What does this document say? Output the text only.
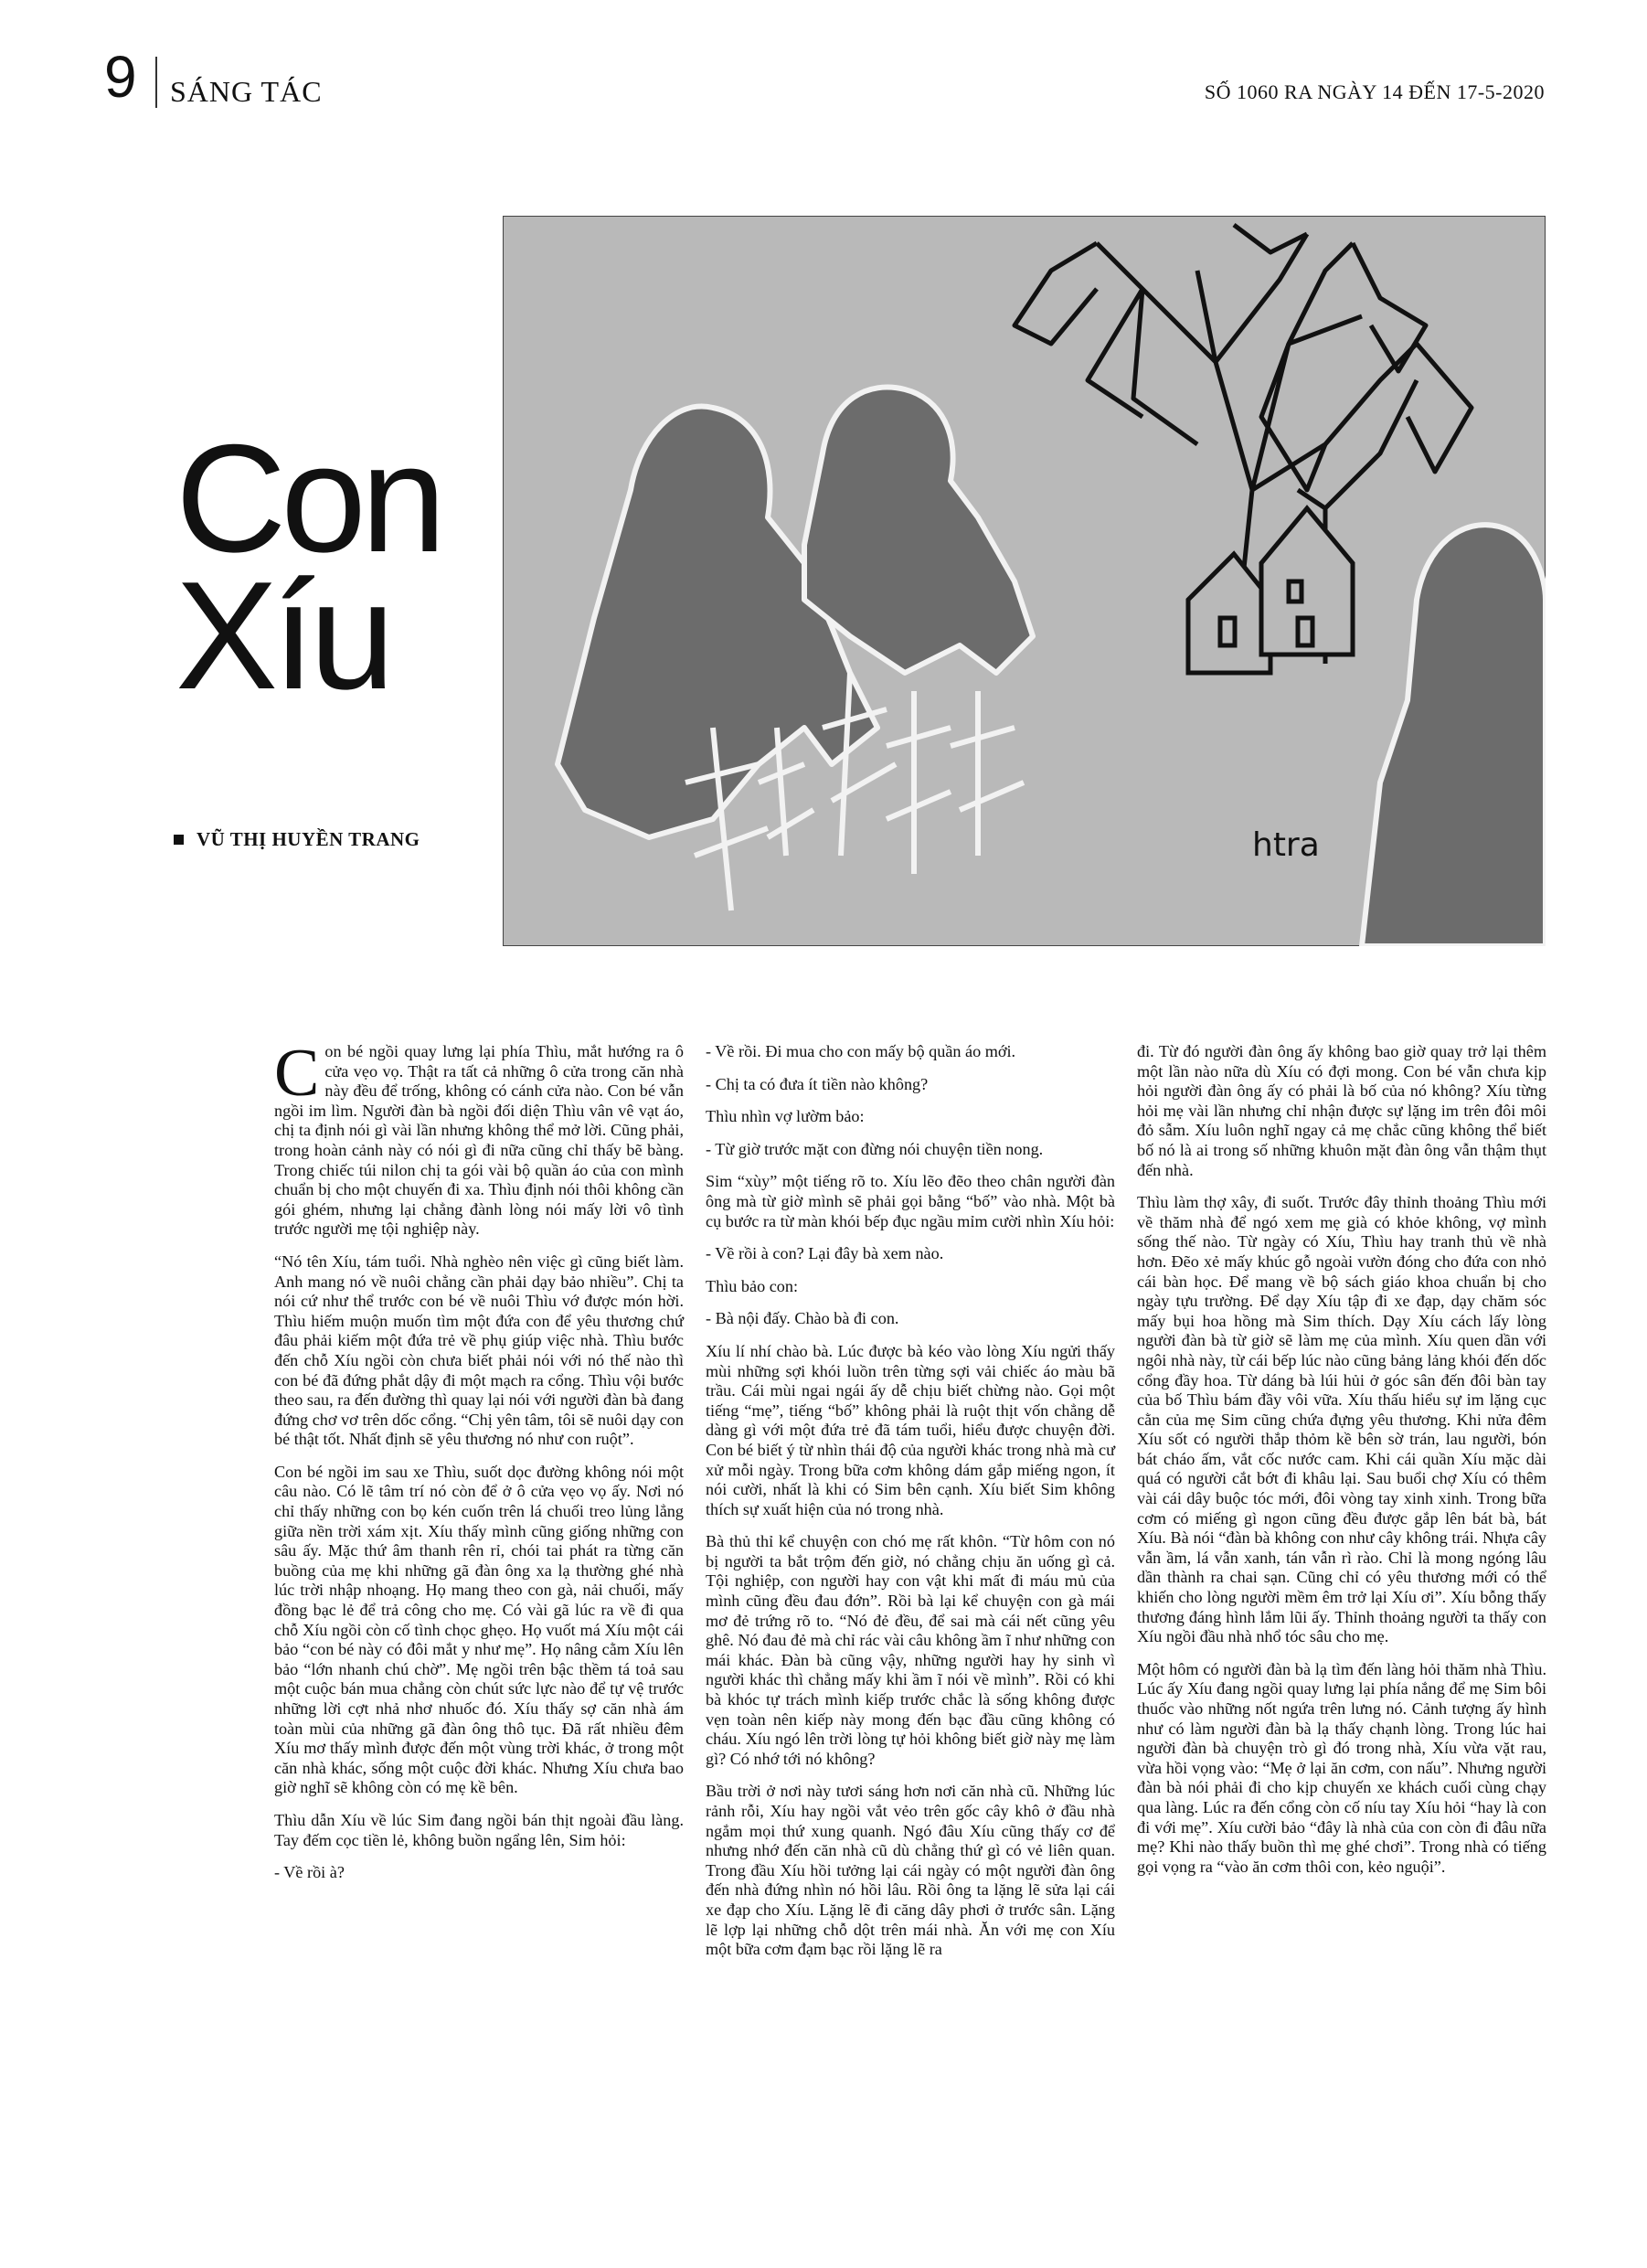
9 SÁNG TÁC	SỐ 1060 RA NGÀY 14 ĐẾN 17-5-2020
Con
Xíu
VŨ THỊ HUYỀN TRANG	htra

Con bé ngồi quay lưng lại phía Thìu, mắt hướng ra ô cửa vẹo vọ. Thật ra tất cả những ô cửa trong căn nhà này đều để trống, không có cánh cửa nào. Con bé vẫn ngồi im lìm. Người đàn bà ngồi đối diện Thìu vân vê vạt áo, chị ta định nói gì vài lần nhưng không thể mở lời. Cũng phải, trong hoàn cảnh này có nói gì đi nữa cũng chỉ thấy bẽ bàng. Trong chiếc túi nilon chị ta gói vài bộ quần áo của con mình chuẩn bị cho một chuyến đi xa. Thìu định nói thôi không cần gói ghém, nhưng lại chẳng đành lòng nói mấy lời vô tình trước người mẹ tội nghiệp này.

“Nó tên Xíu, tám tuổi. Nhà nghèo nên việc gì cũng biết làm. Anh mang nó về nuôi chẳng cần phải dạy bảo nhiều”. Chị ta nói cứ như thể trước con bé về nuôi Thìu vớ được món hời. Thìu hiếm muộn muốn tìm một đứa con để yêu thương chứ đâu phải kiếm một đứa trẻ về phụ giúp việc nhà. Thìu bước đến chỗ Xíu ngồi còn chưa biết phải nói với nó thế nào thì con bé đã đứng phắt dậy đi một mạch ra cổng. Thìu vội bước theo sau, ra đến đường thì quay lại nói với người đàn bà đang đứng chơ vơ trên dốc cổng. “Chị yên tâm, tôi sẽ nuôi dạy con bé thật tốt. Nhất định sẽ yêu thương nó như con ruột”.

Con bé ngồi im sau xe Thìu, suốt dọc đường không nói một câu nào. Có lẽ tâm trí nó còn để ở ô cửa vẹo vọ ấy. Nơi nó chỉ thấy những con bọ kén cuốn trên lá chuối treo lủng lẳng giữa nền trời xám xịt. Xíu thấy mình cũng giống những con sâu ấy. Mặc thứ âm thanh rên rỉ, chói tai phát ra từng căn buồng của mẹ khi những gã đàn ông xa lạ thường ghé nhà lúc trời nhập nhoạng. Họ mang theo con gà, nải chuối, mấy đồng bạc lẻ để trả công cho mẹ. Có vài gã lúc ra về đi qua chỗ Xíu ngồi còn cố tình chọc ghẹo. Họ vuốt má Xíu một cái bảo “con bé này có đôi mắt y như mẹ”. Họ nâng cằm Xíu lên bảo “lớn nhanh chú chờ”. Mẹ ngồi trên bậc thềm tá toả sau một cuộc bán mua chẳng còn chút sức lực nào để tự vệ trước những lời cợt nhả nhơ nhuốc đó. Xíu thấy sợ căn nhà ám toàn mùi của những gã đàn ông thô tục. Đã rất nhiều đêm Xíu mơ thấy mình được đến một vùng trời khác, ở trong một căn nhà khác, sống một cuộc đời khác. Nhưng Xíu chưa bao giờ nghĩ sẽ không còn có mẹ kề bên.

Thìu dẫn Xíu về lúc Sim đang ngồi bán thịt ngoài đầu làng. Tay đếm cọc tiền lẻ, không buồn ngẩng lên, Sim hỏi:

- Về rồi à?

- Về rồi. Đi mua cho con mấy bộ quần áo mới.

- Chị ta có đưa ít tiền nào không?

Thìu nhìn vợ lườm bảo:

- Từ giờ trước mặt con đừng nói chuyện tiền nong.

Sim “xùy” một tiếng rõ to. Xíu lẽo đẽo theo chân người đàn ông mà từ giờ mình sẽ phải gọi bằng “bố” vào nhà. Một bà cụ bước ra từ màn khói bếp đục ngầu mỉm cười nhìn Xíu hỏi:

- Về rồi à con? Lại đây bà xem nào.

Thìu bảo con:

- Bà nội đấy. Chào bà đi con.

Xíu lí nhí chào bà. Lúc được bà kéo vào lòng Xíu ngửi thấy mùi những sợi khói luồn trên từng sợi vải chiếc áo màu bã trầu. Cái mùi ngai ngái ấy dễ chịu biết chừng nào. Gọi một tiếng “mẹ”, tiếng “bố” không phải là ruột thịt vốn chẳng dễ dàng gì với một đứa trẻ đã tám tuổi, hiểu được chuyện đời. Con bé biết ý từ nhìn thái độ của người khác trong nhà mà cư xử mỗi ngày. Trong bữa cơm không dám gắp miếng ngon, ít nói cười, nhất là khi có Sim bên cạnh. Xíu biết Sim không thích sự xuất hiện của nó trong nhà.

Bà thủ thỉ kể chuyện con chó mẹ rất khôn. “Từ hôm con nó bị người ta bắt trộm đến giờ, nó chẳng chịu ăn uống gì cả. Tội nghiệp, con người hay con vật khi mất đi máu mủ của mình cũng đều đau đớn”. Rồi bà lại kể chuyện con gà mái mơ đẻ trứng rõ to. “Nó đẻ đều, để sai mà cái nết cũng yêu ghê. Nó đau đẻ mà chỉ rác vài câu không ầm ĩ như những con mái khác. Đàn bà cũng vậy, những người hay hy sinh vì người khác thì chẳng mấy khi ầm ĩ nói về mình”. Rồi có khi bà khóc tự trách mình kiếp trước chắc là sống không được vẹn toàn nên kiếp này mong đến bạc đầu cũng không có cháu. Xíu ngó lên trời lòng tự hỏi không biết giờ này mẹ làm gì? Có nhớ tới nó không?

Bầu trời ở nơi này tươi sáng hơn nơi căn nhà cũ. Những lúc rảnh rỗi, Xíu hay ngồi vắt vẻo trên gốc cây khô ở đầu nhà ngắm mọi thứ xung quanh. Ngó đâu Xíu cũng thấy cơ để nhưng nhớ đến căn nhà cũ dù chẳng thứ gì có vẻ liên quan. Trong đầu Xíu hồi tưởng lại cái ngày có một người đàn ông đến nhà đứng nhìn nó hồi lâu. Rồi ông ta lặng lẽ sửa lại cái xe đạp cho Xíu. Lặng lẽ đi căng dây phơi ở trước sân. Lặng lẽ lợp lại những chỗ dột trên mái nhà. Ăn với mẹ con Xíu một bữa cơm đạm bạc rồi lặng lẽ ra

đi. Từ đó người đàn ông ấy không bao giờ quay trở lại thêm một lần nào nữa dù Xíu có đợi mong. Con bé vẫn chưa kịp hỏi người đàn ông ấy có phải là bố của nó không? Xíu từng hỏi mẹ vài lần nhưng chỉ nhận được sự lặng im trên đôi môi đỏ sẫm. Xíu luôn nghĩ ngay cả mẹ chắc cũng không thể biết bố nó là ai trong số những khuôn mặt đàn ông vẫn thậm thụt đến nhà.

Thìu làm thợ xây, đi suốt. Trước đây thỉnh thoảng Thìu mới về thăm nhà để ngó xem mẹ già có khỏe không, vợ mình sống thế nào. Từ ngày có Xíu, Thìu hay tranh thủ về nhà hơn. Đẽo xẻ mấy khúc gỗ ngoài vườn đóng cho đứa con nhỏ cái bàn học. Để mang về bộ sách giáo khoa chuẩn bị cho ngày tựu trường. Để dạy Xíu tập đi xe đạp, dạy chăm sóc mấy bụi hoa hồng mà Sim thích. Dạy Xíu cách lấy lòng người đàn bà từ giờ sẽ làm mẹ của mình. Xíu quen dần với ngôi nhà này, từ cái bếp lúc nào cũng bảng lảng khói đến dốc cổng đầy hoa. Từ dáng bà lúi hủi ở góc sân đến đôi bàn tay của bố Thìu bám đầy vôi vữa. Xíu thấu hiểu sự im lặng cục cằn của mẹ Sim cũng chứa đựng yêu thương. Khi nửa đêm Xíu sốt có người thắp thỏm kề bên sờ trán, lau người, bón bát cháo ấm, vắt cốc nước cam. Khi cái quần Xíu mặc dài quá có người cắt bớt đi khâu lại. Sau buổi chợ Xíu có thêm vài cái dây buộc tóc mới, đôi vòng tay xinh xinh. Trong bữa cơm có miếng gì ngon cũng đều được gắp lên bát bà, bát Xíu. Bà nói “đàn bà không con như cây không trái. Nhựa cây vẫn ầm, lá vẫn xanh, tán vẫn rì rào. Chỉ là mong ngóng lâu dần thành ra chai sạn. Cũng chỉ có yêu thương mới có thể khiến cho lòng người mềm êm trở lại Xíu ơi”. Xíu bỗng thấy thương đáng hình lắm lũi ấy. Thỉnh thoảng người ta thấy con Xíu ngồi đầu nhà nhổ tóc sâu cho mẹ.

Một hôm có người đàn bà lạ tìm đến làng hỏi thăm nhà Thìu. Lúc ấy Xíu đang ngồi quay lưng lại phía nắng để mẹ Sim bôi thuốc vào những nốt ngứa trên lưng nó. Cảnh tượng ấy hình như có làm người đàn bà lạ thấy chạnh lòng. Trong lúc hai người đàn bà chuyện trò gì đó trong nhà, Xíu vừa vặt rau, vừa hồi vọng vào: “Mẹ ở lại ăn cơm, con nấu”. Nhưng người đàn bà nói phải đi cho kịp chuyến xe khách cuối cùng chạy qua làng. Lúc ra đến cổng còn cố níu tay Xíu hỏi “hay là con đi với mẹ”. Xíu cười bảo “đây là nhà của con còn đi đâu nữa mẹ? Khi nào thấy buồn thì mẹ ghé chơi”. Trong nhà có tiếng gọi vọng ra “vào ăn cơm thôi con, kẻo nguội”.
